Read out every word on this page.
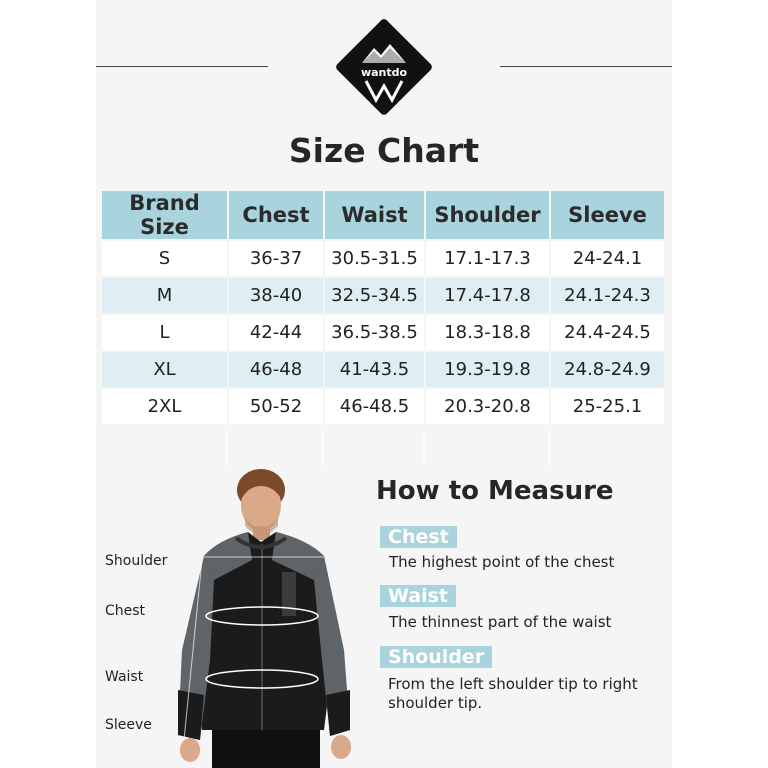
wantdo
Size Chart
Brand Size	Chest	Waist	Shoulder	Sleeve
S	36-37	30.5-31.5	17.1-17.3	24-24.1
M	38-40	32.5-34.5	17.4-17.8	24.1-24.3
L	42-44	36.5-38.5	18.3-18.8	24.4-24.5
XL	46-48	41-43.5	19.3-19.8	24.8-24.9
2XL	50-52	46-48.5	20.3-20.8	25-25.1
Shoulder
Chest
Waist
Sleeve
How to Measure
Chest
The highest point of the chest
Waist
The thinnest part of the waist
Shoulder
From the left shoulder tip to right shoulder tip.
